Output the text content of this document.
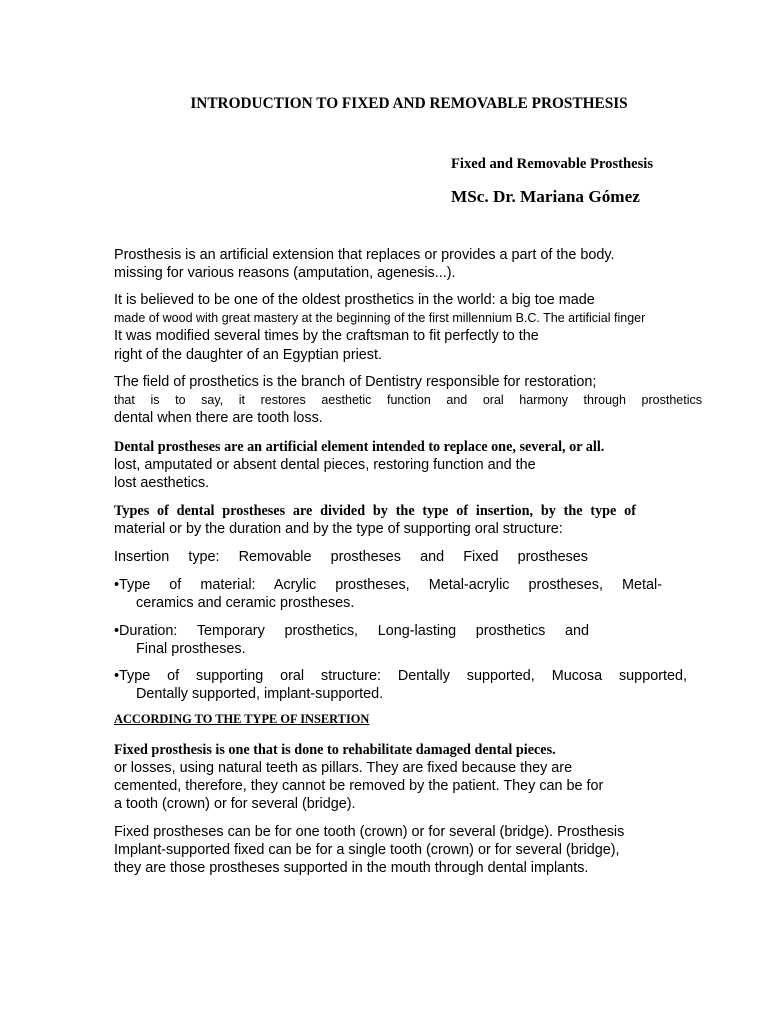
INTRODUCTION TO FIXED AND REMOVABLE PROSTHESIS
Fixed and Removable Prosthesis
MSc. Dr. Mariana Gómez
Prosthesis is an artificial extension that replaces or provides a part of the body.
missing for various reasons (amputation, agenesis...).
It is believed to be one of the oldest prosthetics in the world: a big toe made
made of wood with great mastery at the beginning of the first millennium B.C. The artificial finger
It was modified several times by the craftsman to fit perfectly to the
right of the daughter of an Egyptian priest.
The field of prosthetics is the branch of Dentistry responsible for restoration;
that is to say, it restores aesthetic function and oral harmony through prosthetics
dental when there are tooth loss.
Dental prostheses are an artificial element intended to replace one, several, or all.
lost, amputated or absent dental pieces, restoring function and the
lost aesthetics.
Types of dental prostheses are divided by the type of insertion, by the type of
material or by the duration and by the type of supporting oral structure:
Insertion type: Removable prostheses and Fixed prostheses
•Type of material: Acrylic prostheses, Metal-acrylic prostheses, Metal-
ceramics and ceramic prostheses.
•Duration: Temporary prosthetics, Long-lasting prosthetics and
Final prostheses.
•Type of supporting oral structure: Dentally supported, Mucosa supported,
Dentally supported, implant-supported.
ACCORDING TO THE TYPE OF INSERTION
Fixed prosthesis is one that is done to rehabilitate damaged dental pieces.
or losses, using natural teeth as pillars. They are fixed because they are
cemented, therefore, they cannot be removed by the patient. They can be for
a tooth (crown) or for several (bridge).
Fixed prostheses can be for one tooth (crown) or for several (bridge). Prosthesis
Implant-supported fixed can be for a single tooth (crown) or for several (bridge),
they are those prostheses supported in the mouth through dental implants.
